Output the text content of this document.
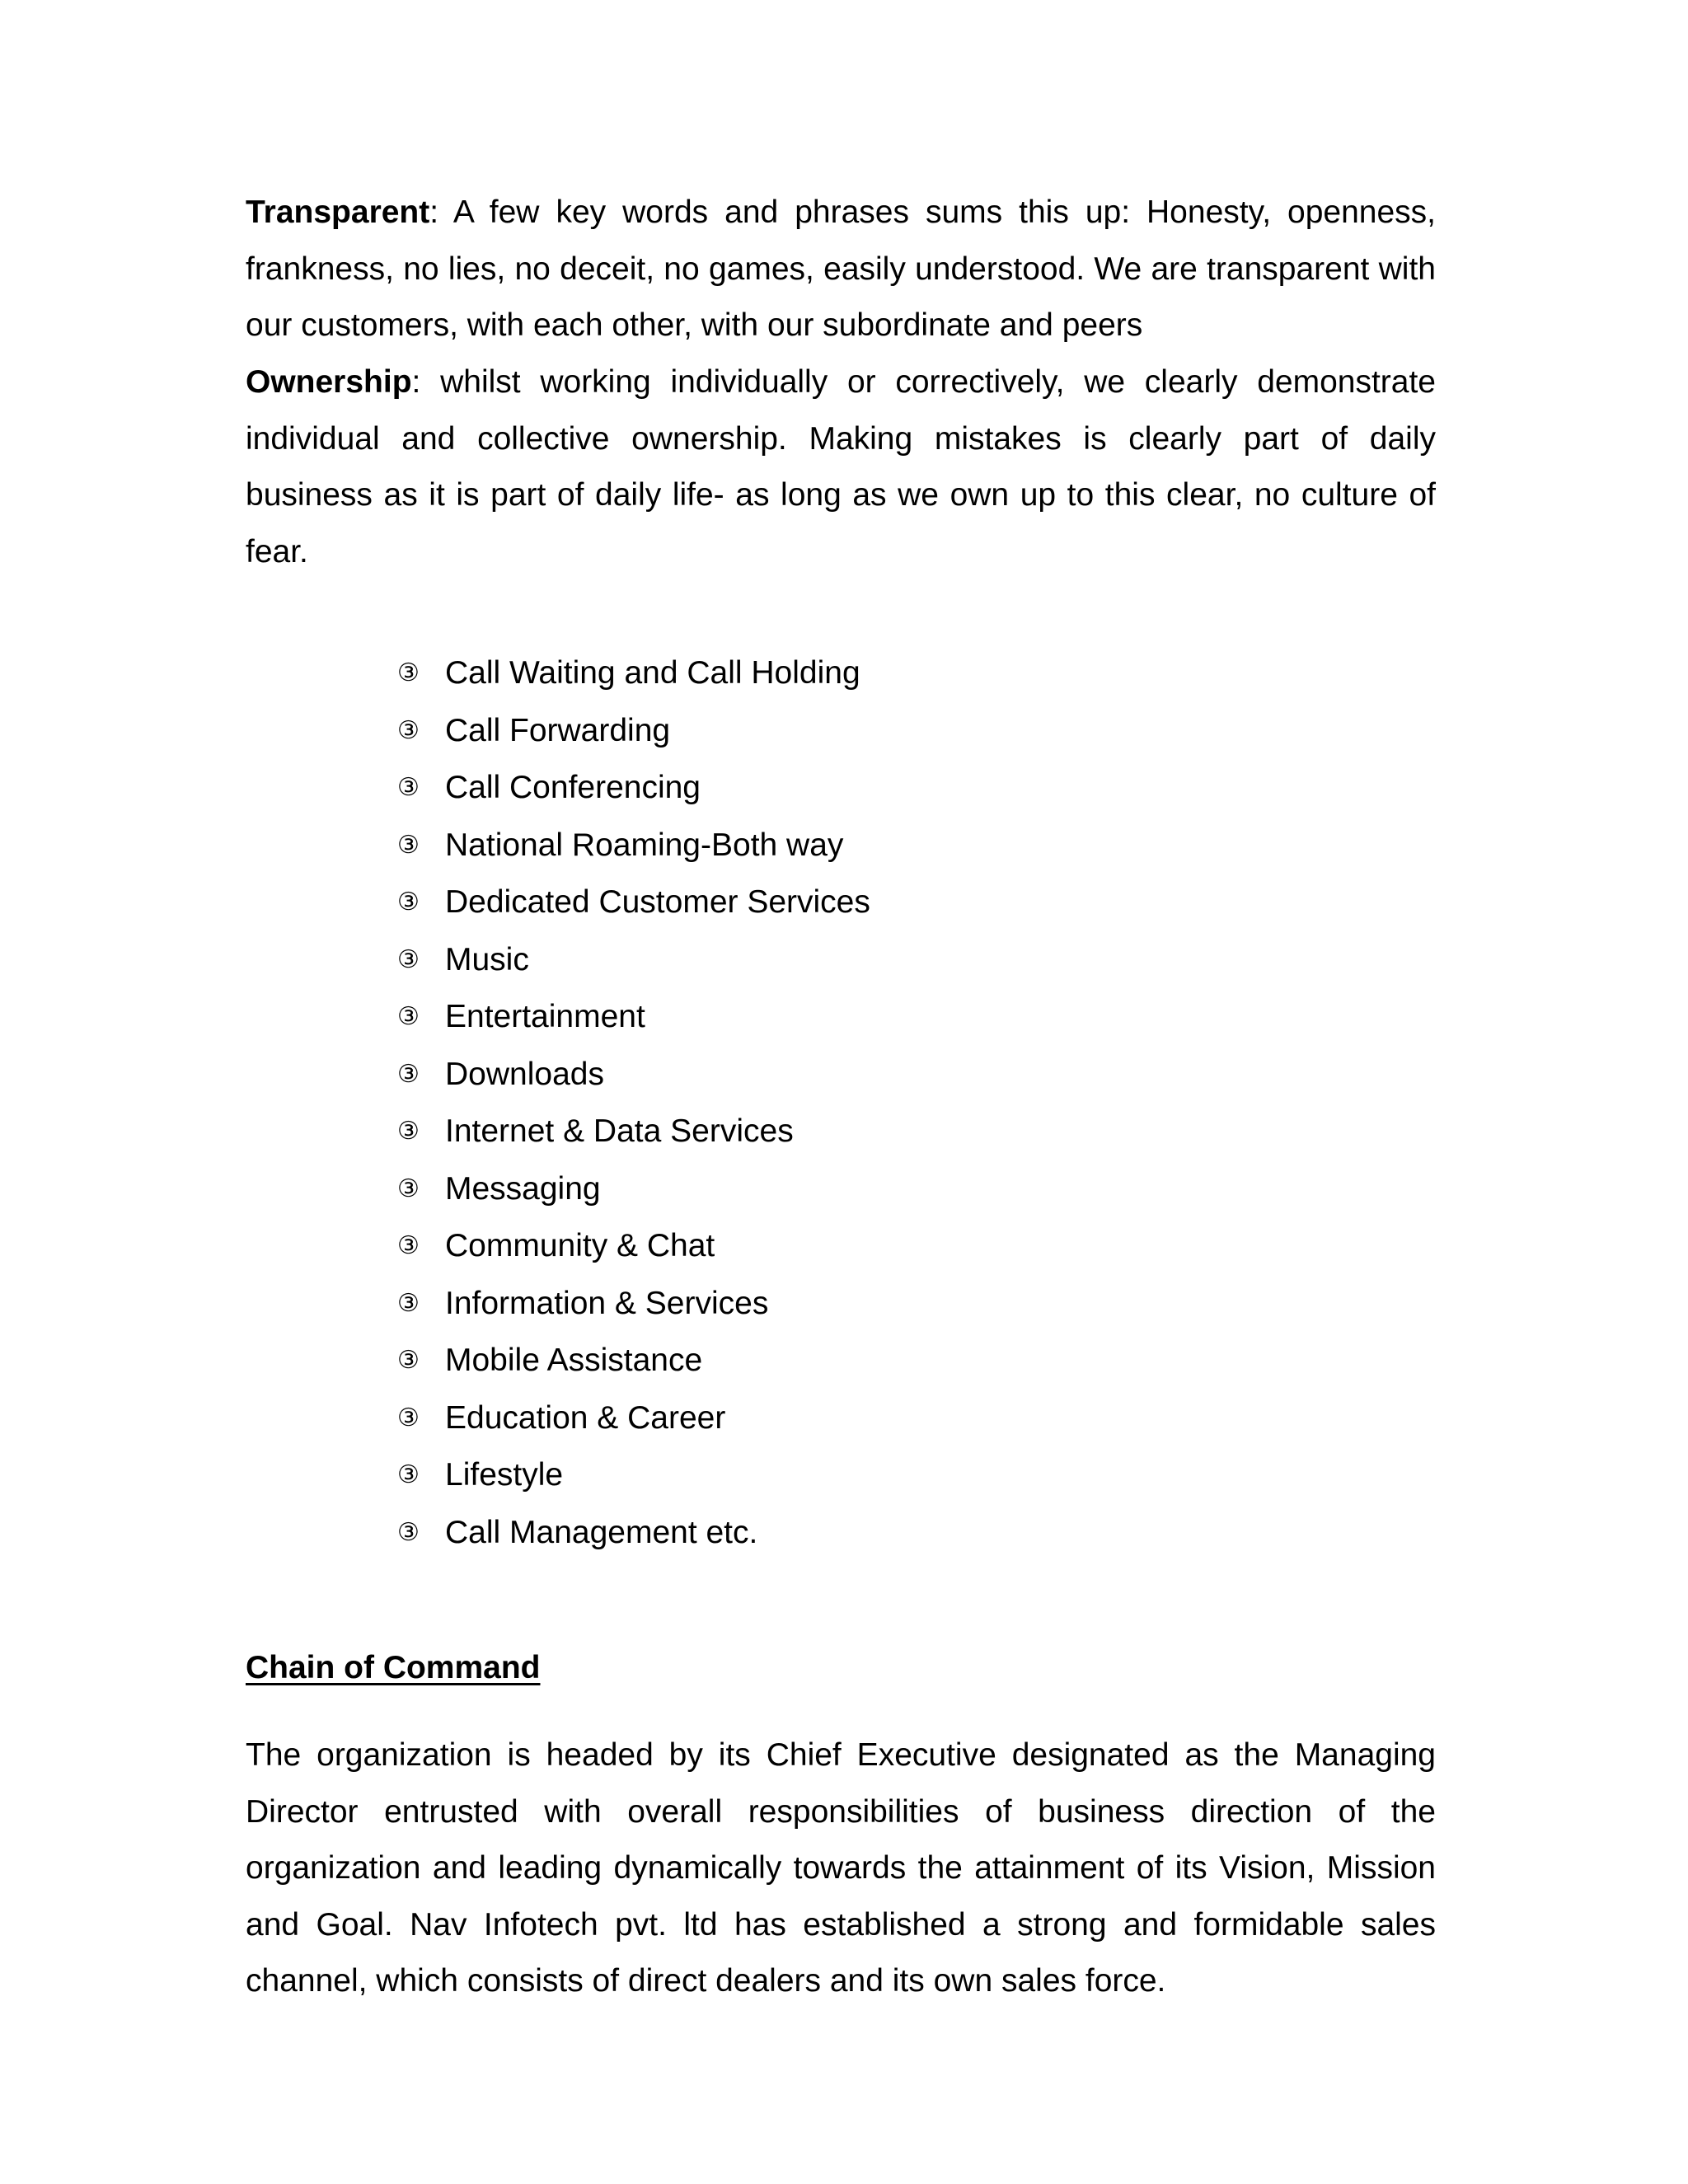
Transparent: A few key words and phrases sums this up: Honesty, openness, frankness, no lies, no deceit, no games, easily understood. We are transparent with our customers, with each other, with our subordinate and peers

Ownership: whilst working individually or correctively, we clearly demonstrate individual and collective ownership. Making mistakes is clearly part of daily business as it is part of daily life- as long as we own up to this clear, no culture of fear.

③ Call Waiting and Call Holding
③ Call Forwarding
③ Call Conferencing
③ National Roaming-Both way
③ Dedicated Customer Services
③ Music
③ Entertainment
③ Downloads
③ Internet & Data Services
③ Messaging
③ Community & Chat
③ Information & Services
③ Mobile Assistance
③ Education & Career
③ Lifestyle
③ Call Management etc.
Chain of Command

The organization is headed by its Chief Executive designated as the Managing Director entrusted with overall responsibilities of business direction of the organization and leading dynamically towards the attainment of its Vision, Mission and Goal. Nav Infotech pvt. ltd has established a strong and formidable sales channel, which consists of direct dealers and its own sales force.
